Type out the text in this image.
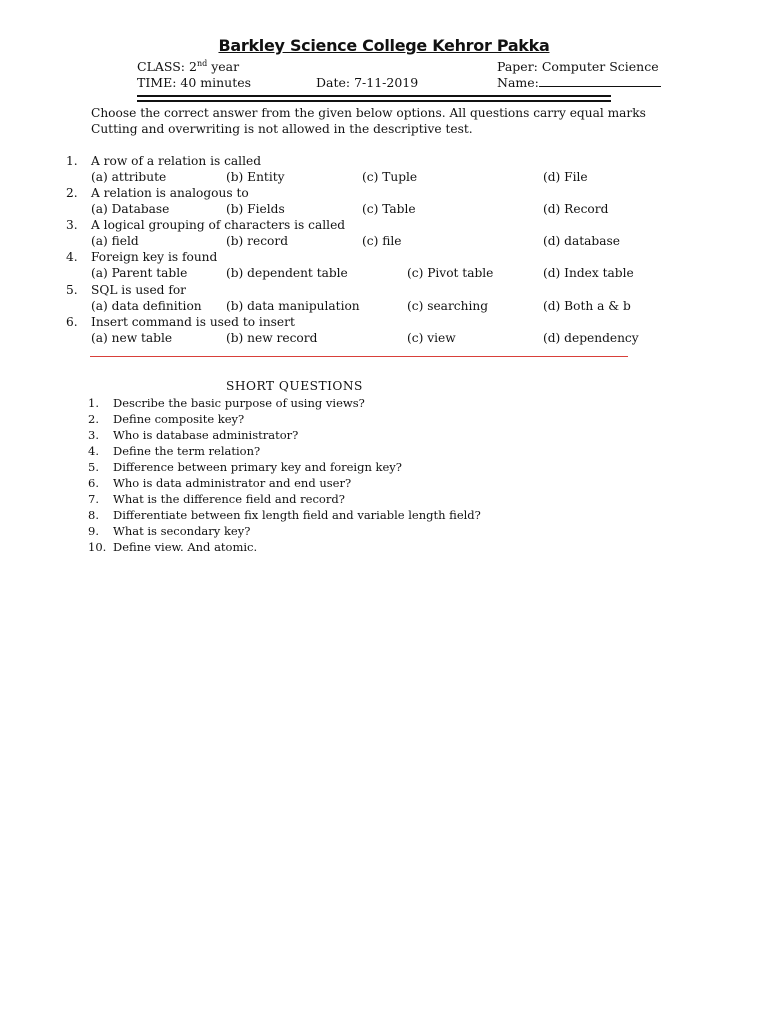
Barkley Science College Kehror Pakka
CLASS: 2nd year	Paper: Computer Science
TIME: 40 minutes	Date: 7-11-2019	Name:
Choose the correct answer from the given below options. All questions carry equal marks
Cutting and overwriting is not allowed in the descriptive test.
1.	A row of a relation is called
(a) attribute	(b) Entity	(c) Tuple	(d) File
2.	A relation is analogous to
(a) Database	(b) Fields	(c) Table	(d) Record
3.	A logical grouping of characters is called
(a) field	(b) record	(c) file	(d) database
4.	Foreign key is found
(a) Parent table	(b) dependent table	(c) Pivot table	(d) Index table
5.	SQL is used for
(a) data definition (b) data manipulation	(c) searching	(d) Both a & b
6.	Insert command is used to insert
(a) new table	(b) new record	(c) view	(d) dependency
SHORT QUESTIONS
1.	Describe the basic purpose of using views?
2.	Define composite key?
3.	Who is database administrator?
4.	Define the term relation?
5.	Difference between primary key and foreign key?
6.	Who is data administrator and end user?
7.	What is the difference field and record?
8.	Differentiate between fix length field and variable length field?
9.	What is secondary key?
10. Define view. And atomic.
